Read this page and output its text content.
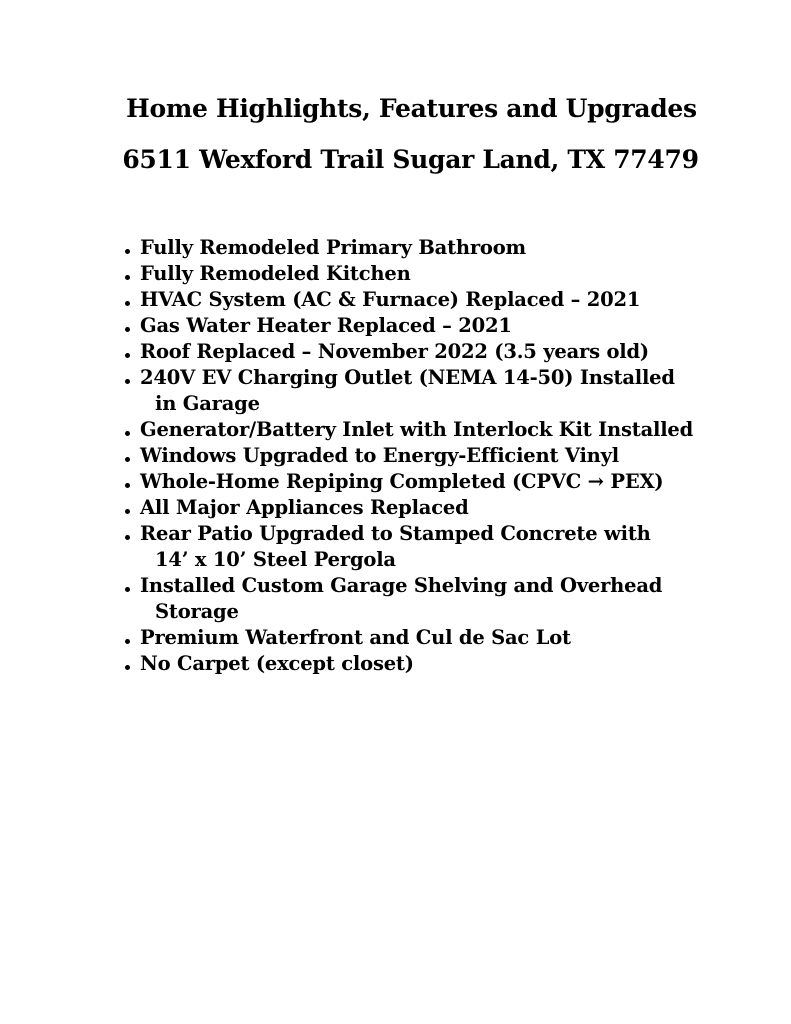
Home Highlights, Features and Upgrades
6511 Wexford Trail Sugar Land, TX 77479
Fully Remodeled Primary Bathroom
Fully Remodeled Kitchen
HVAC System (AC & Furnace) Replaced – 2021
Gas Water Heater Replaced – 2021
Roof Replaced – November 2022 (3.5 years old)
240V EV Charging Outlet (NEMA 14-50) Installed
in Garage
Generator/Battery Inlet with Interlock Kit Installed
Windows Upgraded to Energy-Efficient Vinyl
Whole-Home Repiping Completed (CPVC → PEX)
All Major Appliances Replaced
Rear Patio Upgraded to Stamped Concrete with
14’ x 10’ Steel Pergola
Installed Custom Garage Shelving and Overhead
Storage
Premium Waterfront and Cul de Sac Lot
No Carpet (except closet)
